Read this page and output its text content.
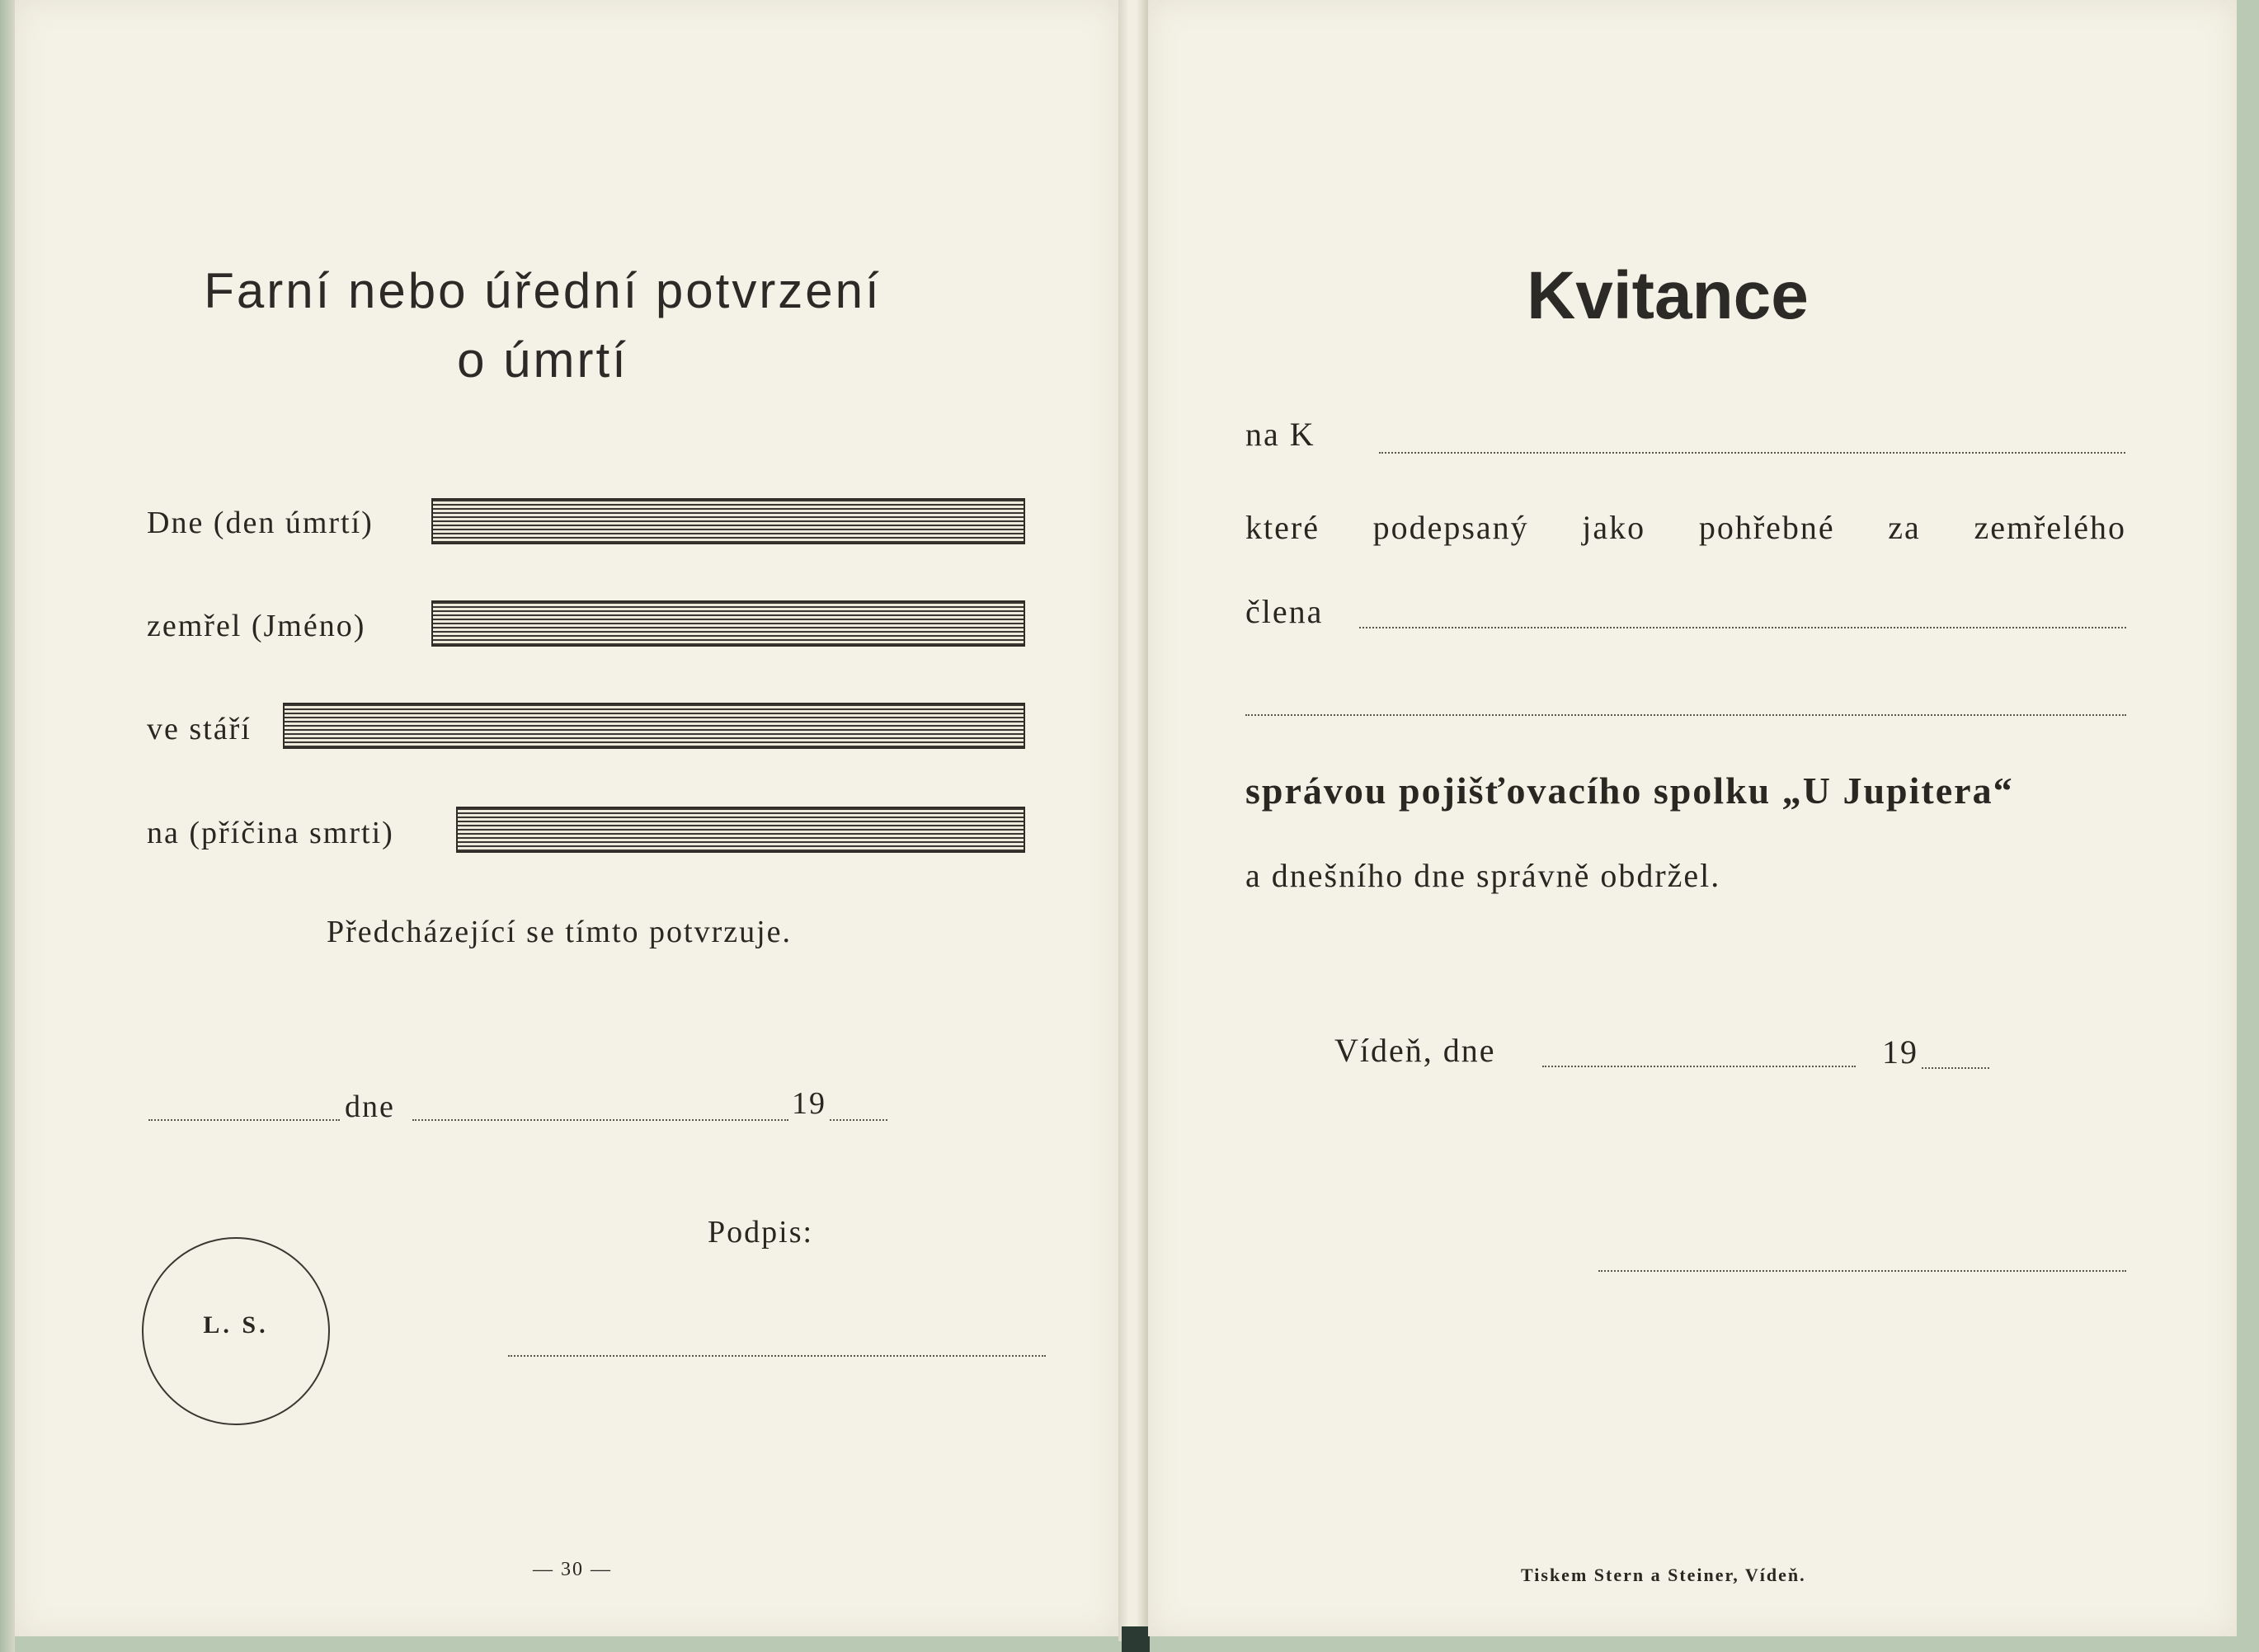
Farní nebo úřední potvrzení
o úmrtí
Dne (den úmrtí)
zemřel (Jméno)
ve stáří
na (příčina smrti)
Předcházející se tímto potvrzuje.
dne	19
Podpis:
— 30 —
L. S.
Kvitance
na K
které podepsaný jako pohřebné za zemřelého
člena
správou pojišťovacího spolku „U Jupitera“
a dnešního dne správně obdržel.
Vídeň, dne	19
Tiskem Stern a Steiner, Vídeň.
